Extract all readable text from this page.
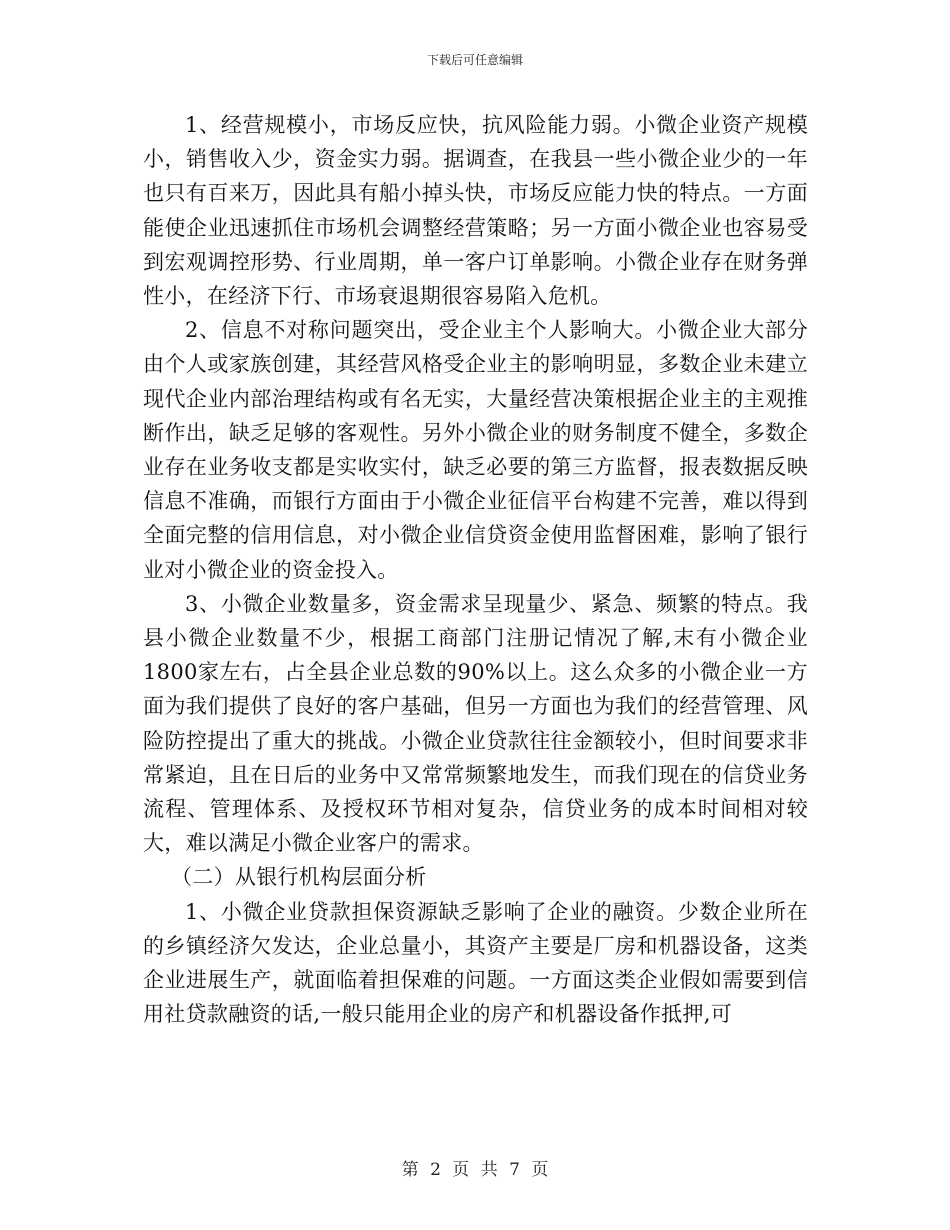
下载后可任意编辑

1、经营规模小，市场反应快，抗风险能力弱。小微企业资产规模小，销售收入少，资金实力弱。据调查，在我县一些小微企业少的一年也只有百来万，因此具有船小掉头快，市场反应能力快的特点。一方面能使企业迅速抓住市场机会调整经营策略；另一方面小微企业也容易受到宏观调控形势、行业周期，单一客户订单影响。小微企业存在财务弹性小，在经济下行、市场衰退期很容易陷入危机。

2、信息不对称问题突出，受企业主个人影响大。小微企业大部分由个人或家族创建，其经营风格受企业主的影响明显，多数企业未建立现代企业内部治理结构或有名无实，大量经营决策根据企业主的主观推断作出，缺乏足够的客观性。另外小微企业的财务制度不健全，多数企业存在业务收支都是实收实付，缺乏必要的第三方监督，报表数据反映信息不准确，而银行方面由于小微企业征信平台构建不完善，难以得到全面完整的信用信息，对小微企业信贷资金使用监督困难，影响了银行业对小微企业的资金投入。

3、小微企业数量多，资金需求呈现量少、紧急、频繁的特点。我县小微企业数量不少，根据工商部门注册记情况了解,末有小微企业1800家左右，占全县企业总数的90%以上。这么众多的小微企业一方面为我们提供了良好的客户基础，但另一方面也为我们的经营管理、风险防控提出了重大的挑战。小微企业贷款往往金额较小，但时间要求非常紧迫，且在日后的业务中又常常频繁地发生，而我们现在的信贷业务流程、管理体系、及授权环节相对复杂，信贷业务的成本时间相对较大，难以满足小微企业客户的需求。

（二）从银行机构层面分析

1、小微企业贷款担保资源缺乏影响了企业的融资。少数企业所在的乡镇经济欠发达，企业总量小，其资产主要是厂房和机器设备，这类企业进展生产，就面临着担保难的问题。一方面这类企业假如需要到信用社贷款融资的话,一般只能用企业的房产和机器设备作抵押,可

第 2 页 共 7 页
